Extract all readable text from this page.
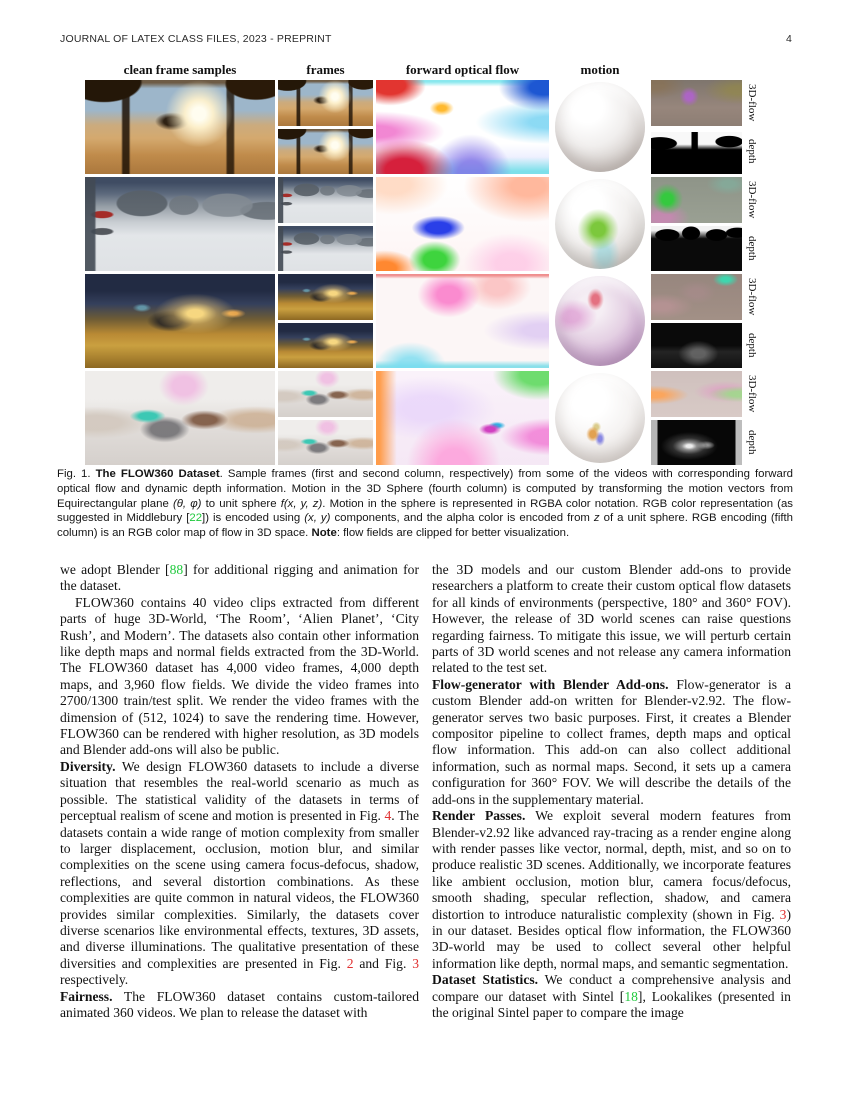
JOURNAL OF LATEX CLASS FILES, 2023 - PREPRINT	4
clean frame samples	frames	forward optical flow	motion
3D-flow
depth
3D-flow
depth
3D-flow
depth
3D-flow
depth

Fig. 1. The FLOW360 Dataset. Sample frames (first and second column, respectively) from some of the videos with corresponding forward optical flow and dynamic depth information. Motion in the 3D Sphere (fourth column) is computed by transforming the motion vectors from Equirectangular plane (θ, φ) to unit sphere f(x, y, z). Motion in the sphere is represented in RGBA color notation. RGB color representation (as suggested in Middlebury [22]) is encoded using (x, y) components, and the alpha color is encoded from z of a unit sphere. RGB encoding (fifth column) is an RGB color map of flow in 3D space. Note: flow fields are clipped for better visualization.

we adopt Blender [88] for additional rigging and animation for the dataset.

FLOW360 contains 40 video clips extracted from different parts of huge 3D-World, ‘The Room’, ‘Alien Planet’, ‘City Rush’, and Modern’. The datasets also contain other information like depth maps and normal fields extracted from the 3D-World. The FLOW360 dataset has 4,000 video frames, 4,000 depth maps, and 3,960 flow fields. We divide the video frames into 2700/1300 train/test split. We render the video frames with the dimension of (512, 1024) to save the rendering time. However, FLOW360 can be rendered with higher resolution, as 3D models and Blender add-ons will also be public.

Diversity. We design FLOW360 datasets to include a diverse situation that resembles the real-world scenario as much as possible. The statistical validity of the datasets in terms of perceptual realism of scene and motion is presented in Fig. 4. The datasets contain a wide range of motion complexity from smaller to larger displacement, occlusion, motion blur, and similar complexities on the scene using camera focus-defocus, shadow, reflections, and several distortion combinations. As these complexities are quite common in natural videos, the FLOW360 provides similar complexities. Similarly, the datasets cover diverse scenarios like environmental effects, textures, 3D assets, and diverse illuminations. The qualitative presentation of these diversities and complexities are presented in Fig. 2 and Fig. 3 respectively.

Fairness. The FLOW360 dataset contains custom-tailored animated 360 videos. We plan to release the dataset with

the 3D models and our custom Blender add-ons to provide researchers a platform to create their custom optical flow datasets for all kinds of environments (perspective, 180° and 360° FOV). However, the release of 3D world scenes can raise questions regarding fairness. To mitigate this issue, we will perturb certain parts of 3D world scenes and not release any camera information related to the test set.

Flow-generator with Blender Add-ons. Flow-generator is a custom Blender add-on written for Blender-v2.92. The flow-generator serves two basic purposes. First, it creates a Blender compositor pipeline to collect frames, depth maps and optical flow information. This add-on can also collect additional information, such as normal maps. Second, it sets up a camera configuration for 360° FOV. We will describe the details of the add-ons in the supplementary material.

Render Passes. We exploit several modern features from Blender-v2.92 like advanced ray-tracing as a render engine along with render passes like vector, normal, depth, mist, and so on to produce realistic 3D scenes. Additionally, we incorporate features like ambient occlusion, motion blur, camera focus/defocus, smooth shading, specular reflection, shadow, and camera distortion to introduce naturalistic complexity (shown in Fig. 3) in our dataset. Besides optical flow information, the FLOW360 3D-world may be used to collect several other helpful information like depth, normal maps, and semantic segmentation.

Dataset Statistics. We conduct a comprehensive analysis and compare our dataset with Sintel [18], Lookalikes (presented in the original Sintel paper to compare the image
